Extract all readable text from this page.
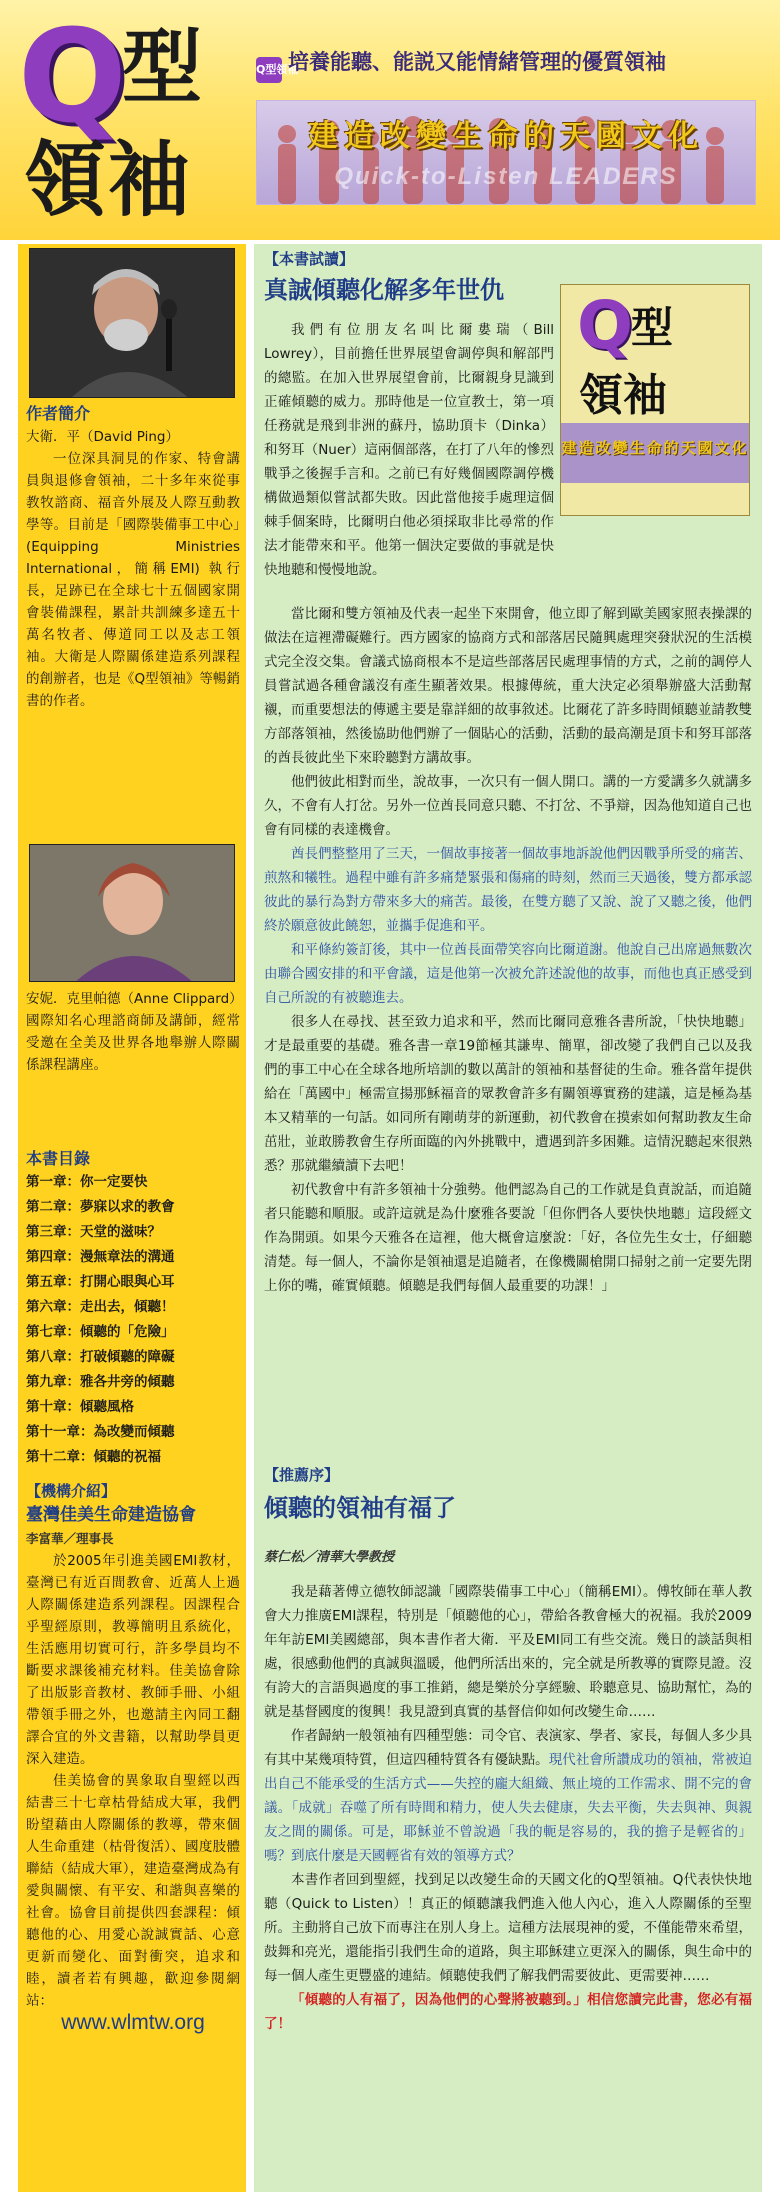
Q
型
領袖
Q型領袖培養能聽、能説又能情緒管理的優質領袖
建造改變生命的天國文化
Quick-to-Listen LEADERS
作者簡介

大衛．平（David Ping）

一位深具洞見的作家、特會講員與退修會領袖，二十多年來從事教牧諮商、福音外展及人際互動教學等。目前是「國際裝備事工中心」(Equipping Ministries International，簡稱EMI) 執行長，足跡已在全球七十五個國家開會裝備課程，累計共訓練多達五十萬名牧者、傳道同工以及志工領袖。大衛是人際關係建造系列課程的創辦者，也是《Q型領袖》等暢銷書的作者。

安妮．克里帕德（Anne Clippard）

國際知名心理諮商師及講師，經常受邀在全美及世界各地舉辦人際關係課程講座。

本書目錄
第一章：你一定要快
第二章：夢寐以求的教會
第三章：天堂的滋味？
第四章：漫無章法的溝通
第五章：打開心眼與心耳
第六章：走出去，傾聽！
第七章：傾聽的「危險」
第八章：打破傾聽的障礙
第九章：雅各井旁的傾聽
第十章：傾聽風格
第十一章：為改變而傾聽
第十二章：傾聽的祝福
【機構介紹】
臺灣佳美生命建造協會
李富華／理事長

於2005年引進美國EMI教材，臺灣已有近百間教會、近萬人上過人際關係建造系列課程。因課程合乎聖經原則，教導簡明且系統化，生活應用切實可行，許多學員均不斷要求課後補充材料。佳美協會除了出版影音教材、教師手冊、小組帶領手冊之外，也邀請主內同工翻譯合宜的外文書籍，以幫助學員更深入建造。

佳美協會的異象取自聖經以西結書三十七章枯骨結成大軍，我們盼望藉由人際關係的教導，帶來個人生命重建（枯骨復活）、國度肢體聯結（結成大軍），建造臺灣成為有愛與關懷、有平安、和諧與喜樂的社會。協會目前提供四套課程：傾聽他的心、用愛心說誠實話、心意更新而變化、面對衝突，追求和睦，讀者若有興趣，歡迎參閱網站：

www.wlmtw.org
【本書試讀】
真誠傾聽化解多年世仇 Q
型
領袖
建造改變生命的天國文化

我們有位朋友名叫比爾婁瑞（Bill Lowrey），目前擔任世界展望會調停與和解部門的總監。在加入世界展望會前，比爾親身見識到正確傾聽的威力。那時他是一位宣教士，第一項任務就是飛到非洲的蘇丹，協助頂卡（Dinka）和努耳（Nuer）這兩個部落，在打了八年的慘烈戰爭之後握手言和。之前已有好幾個國際調停機構做過類似嘗試都失敗。因此當他接手處理這個棘手個案時，比爾明白他必須採取非比尋常的作法才能帶來和平。他第一個決定要做的事就是快快地聽和慢慢地說。

當比爾和雙方領袖及代表一起坐下來開會，他立即了解到歐美國家照表操課的做法在這裡滯礙難行。西方國家的協商方式和部落居民隨興處理突發狀況的生活模式完全沒交集。會議式協商根本不是這些部落居民處理事情的方式，之前的調停人員嘗試過各種會議沒有產生顯著效果。根據傳統，重大決定必須舉辦盛大活動幫襯，而重要想法的傳遞主要是靠詳細的故事敘述。比爾花了許多時間傾聽並請教雙方部落領袖，然後協助他們辦了一個貼心的活動，活動的最高潮是頂卡和努耳部落的酋長彼此坐下來聆聽對方講故事。

他們彼此相對而坐，說故事，一次只有一個人開口。講的一方愛講多久就講多久，不會有人打岔。另外一位酋長同意只聽、不打岔、不爭辯，因為他知道自己也會有同樣的表達機會。

酋長們整整用了三天，一個故事接著一個故事地訴說他們因戰爭所受的痛苦、煎熬和犧牲。過程中雖有許多痛楚緊張和傷痛的時刻，然而三天過後，雙方都承認彼此的暴行為對方帶來多大的痛苦。最後，在雙方聽了又說、說了又聽之後，他們終於願意彼此饒恕，並攜手促進和平。

和平條約簽訂後，其中一位酋長面帶笑容向比爾道謝。他說自己出席過無數次由聯合國安排的和平會議，這是他第一次被允許述說他的故事，而他也真正感受到自己所說的有被聽進去。

很多人在尋找、甚至致力追求和平，然而比爾同意雅各書所說，「快快地聽」才是最重要的基礎。雅各書一章19節極其謙卑、簡單，卻改變了我們自己以及我們的事工中心在全球各地所培訓的數以萬計的領袖和基督徒的生命。雅各當年提供給在「萬國中」極需宣揚那穌福音的眾教會許多有關領導實務的建議，這是極為基本又精華的一句話。如同所有剛萌芽的新運動，初代教會在摸索如何幫助教友生命茁壯，並敢勝教會生存所面臨的內外挑戰中，遭遇到許多困難。這情況聽起來很熟悉？那就繼續讀下去吧！

初代教會中有許多領袖十分強勢。他們認為自己的工作就是負責說話，而追隨者只能聽和順服。或許這就是為什麼雅各要說「但你們各人要快快地聽」這段經文作為開頭。如果今天雅各在這裡，他大概會這麼說：「好，各位先生女士，仔細聽清楚。每一個人，不論你是領袖還是追隨者，在像機關槍開口掃射之前一定要先閉上你的嘴，確實傾聽。傾聽是我們每個人最重要的功課！」

【推薦序】
傾聽的領袖有福了
蔡仁松／清華大學教授

我是藉著傅立德牧師認識「國際裝備事工中心」（簡稱EMI）。傅牧師在華人教會大力推廣EMI課程，特別是「傾聽他的心」，帶給各教會極大的祝福。我於2009年年訪EMI美國總部，與本書作者大衛．平及EMI同工有些交流。幾日的談話與相處，很感動他們的真誠與溫暖，他們所活出來的，完全就是所教導的實際見證。沒有誇大的言語與過度的事工推銷，總是樂於分享經驗、聆聽意見、協助幫忙，為的就是基督國度的復興！我見證到真實的基督信仰如何改變生命……

作者歸納一般領袖有四種型態：司令官、表演家、學者、家長，每個人多少具有其中某幾項特質，但這四種特質各有優缺點。現代社會所讚成功的領袖，常被迫出自己不能承受的生活方式——失控的龐大組織、無止境的工作需求、開不完的會議。「成就」吞噬了所有時間和精力，使人失去健康，失去平衡，失去與神、與親友之間的關係。可是，耶穌並不曾說過「我的軛是容易的，我的擔子是輕省的」嗎？到底什麼是天國輕省有效的領導方式？

本書作者回到聖經，找到足以改變生命的天國文化的Q型領袖。Q代表快快地聽（Quick to Listen）！真正的傾聽讓我們進入他人內心，進入人際關係的至聖所。主動將自己放下而專注在別人身上。這種方法展現神的愛，不僅能帶來希望，鼓舞和亮光，還能指引我們生命的道路，與主耶穌建立更深入的關係，與生命中的每一個人產生更豐盛的連結。傾聽使我們了解我們需要彼此、更需要神……

「傾聽的人有福了，因為他們的心聲將被聽到。」相信您讀完此書，您必有福了！
